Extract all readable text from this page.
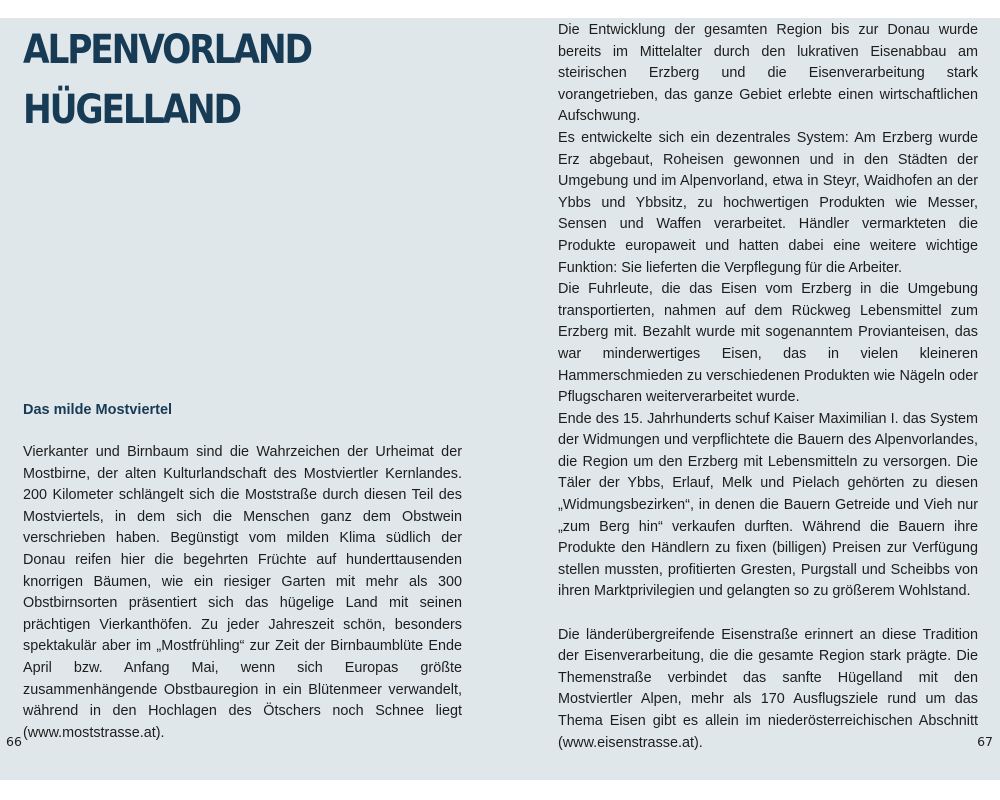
ALPENVORLAND
HÜGELLAND
Das milde Mostviertel

Vierkanter und Birnbaum sind die Wahrzeichen der Urheimat der Mostbirne, der alten Kulturlandschaft des Mostviertler Kernlandes. 200 Kilometer schlängelt sich die Moststraße durch diesen Teil des Mostviertels, in dem sich die Menschen ganz dem Obstwein verschrieben haben. Begünstigt vom milden Klima südlich der Donau reifen hier die begehrten Früchte auf hunderttausenden knorrigen Bäumen, wie ein riesiger Garten mit mehr als 300 Obstbirnsorten präsentiert sich das hügelige Land mit seinen prächtigen Vierkanthöfen. Zu jeder Jahreszeit schön, besonders spektakulär aber im „Mostfrühling“ zur Zeit der Birnbaumblüte Ende April bzw. Anfang Mai, wenn sich Europas größte zusammenhängende Obstbauregion in ein Blütenmeer verwandelt, während in den Hochlagen des Ötschers noch Schnee liegt (www.moststrasse.at).

66

Die Entwicklung der gesamten Region bis zur Donau wurde bereits im Mittelalter durch den lukrativen Eisenabbau am steirischen Erzberg und die Eisenverarbeitung stark vorangetrieben, das ganze Gebiet erlebte einen wirtschaftlichen Aufschwung.

Es entwickelte sich ein dezentrales System: Am Erzberg wurde Erz abgebaut, Roheisen gewonnen und in den Städten der Umgebung und im Alpenvorland, etwa in Steyr, Waidhofen an der Ybbs und Ybbsitz, zu hochwertigen Produkten wie Messer, Sensen und Waffen verarbeitet. Händler vermarkteten die Produkte europaweit und hatten dabei eine weitere wichtige Funktion: Sie lieferten die Verpflegung für die Arbeiter.

Die Fuhrleute, die das Eisen vom Erzberg in die Umgebung transportierten, nahmen auf dem Rückweg Lebensmittel zum Erzberg mit. Bezahlt wurde mit sogenanntem Provianteisen, das war minderwertiges Eisen, das in vielen kleineren Hammerschmieden zu verschiedenen Produkten wie Nägeln oder Pflugscharen weiterverarbeitet wurde.

Ende des 15. Jahrhunderts schuf Kaiser Maximilian I. das System der Widmungen und verpflichtete die Bauern des Alpenvorlandes, die Region um den Erzberg mit Lebensmitteln zu versorgen. Die Täler der Ybbs, Erlauf, Melk und Pielach gehörten zu diesen „Widmungsbezirken“, in denen die Bauern Getreide und Vieh nur „zum Berg hin“ verkaufen durften. Während die Bauern ihre Produkte den Händlern zu fixen (billigen) Preisen zur Verfügung stellen mussten, profitierten Gresten, Purgstall und Scheibbs von ihren Marktprivilegien und gelangten so zu größerem Wohlstand.

Die länderübergreifende Eisenstraße erinnert an diese Tradition der Eisenverarbeitung, die die gesamte Region stark prägte. Die Themenstraße verbindet das sanfte Hügelland mit den Mostviertler Alpen, mehr als 170 Ausflugsziele rund um das Thema Eisen gibt es allein im niederösterreichischen Abschnitt (www.eisenstrasse.at).	67
